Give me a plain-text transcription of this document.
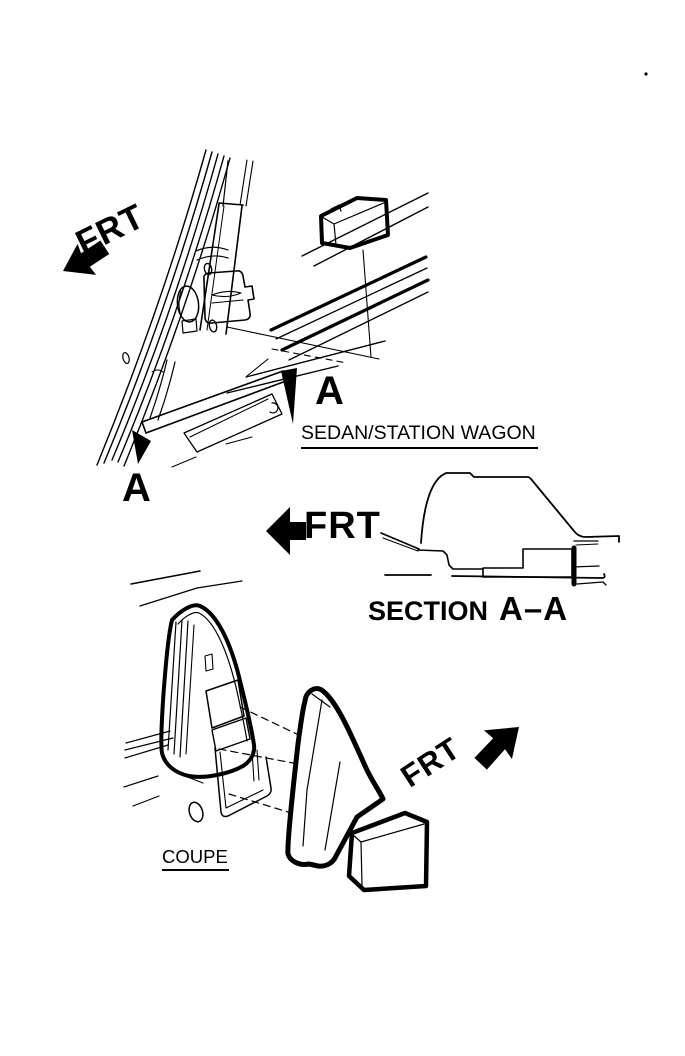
FRT
A
A
SEDAN/STATION WAGON
FRT
SECTION A–A
FRT
COUPE
